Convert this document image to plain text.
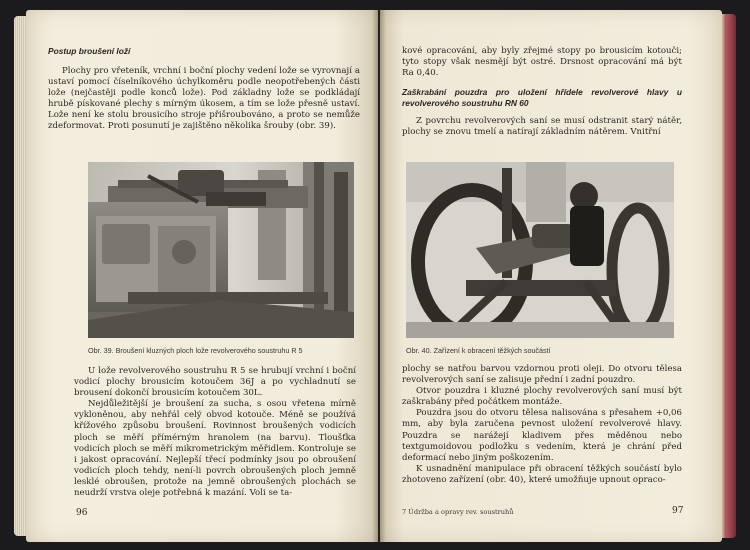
Postup broušení loží

Plochy pro vřeteník, vrchní i boční plochy vedení lože se vyrovnají a ustaví pomocí číselníkového úchylkoměru podle neopotřebených části lože (nejčastěji podle konců lože). Pod základny lože se podkládají hrubě pískované plechy s mírným úkosem, a tím se lože přesně ustaví. Lože není ke stolu brousicího stroje přišroubováno, a proto se nemůže zdeformovat. Proti posunutí je zajištěno několika šrouby (obr. 39).

Obr. 39. Broušení kluzných ploch lože revolverového soustruhu R 5

U lože revolverového soustruhu R 5 se hrubují vrchní i boční vodicí plochy brousicím kotoučem 36J a po vychladnutí se brousení dokončí brousicím kotoučem 30L.

Nejdůležitější je broušení za sucha, s osou vřetena mírně vykloněnou, aby nehřál celý obvod kotouče. Méně se používá křížového způsobu broušení. Rovinnost broušených vodicích ploch se měří přímérným hranolem (na barvu). Tloušťka vodicích ploch se měří mikrometrickým měřidlem. Kontroluje se i jakost opracování. Nejlepší třecí podmínky jsou po obroušení vodicích ploch tehdy, není-li povrch obroušených ploch jemně lesklé obroušen, protože na jemně obroušených plochách se neudrží vrstva oleje potřebná k mazání. Voli se ta-

96

kové opracování, aby byly zřejmé stopy po brousicím kotouči; tyto stopy však nesmějí být ostré. Drsnost opracování má být Ra 0,40.

Zaškrabání pouzdra pro uložení hřídele revolverové hlavy u revolverového soustruhu RN 60

Z povrchu revolverových saní se musí odstranit starý nátěr, plochy se znovu tmelí a natírají základním nátěrem. Vnitřní

Obr. 40. Zařízení k obracení těžkých součástí

plochy se natřou barvou vzdornou proti oleji. Do otvoru tělesa revolverových saní se zalisuje přední i zadní pouzdro.

Otvor pouzdra i kluzné plochy revolverových saní musí být zaškrabány před počátkem montáže.

Pouzdra jsou do otvoru tělesa nalisována s přesahem +0,06 mm, aby byla zaručena pevnost uložení revolverové hlavy. Pouzdra se narážejí kladivem přes měděnou nebo textgumoidovou podložku s vedením, která je chrání před deformací nebo jiným poškozením.

K usnadnění manipulace při obracení těžkých součástí bylo zhotoveno zařízení (obr. 40), které umožňuje upnout opraco-

7 Údržba a opravy rev. soustruhů	97
